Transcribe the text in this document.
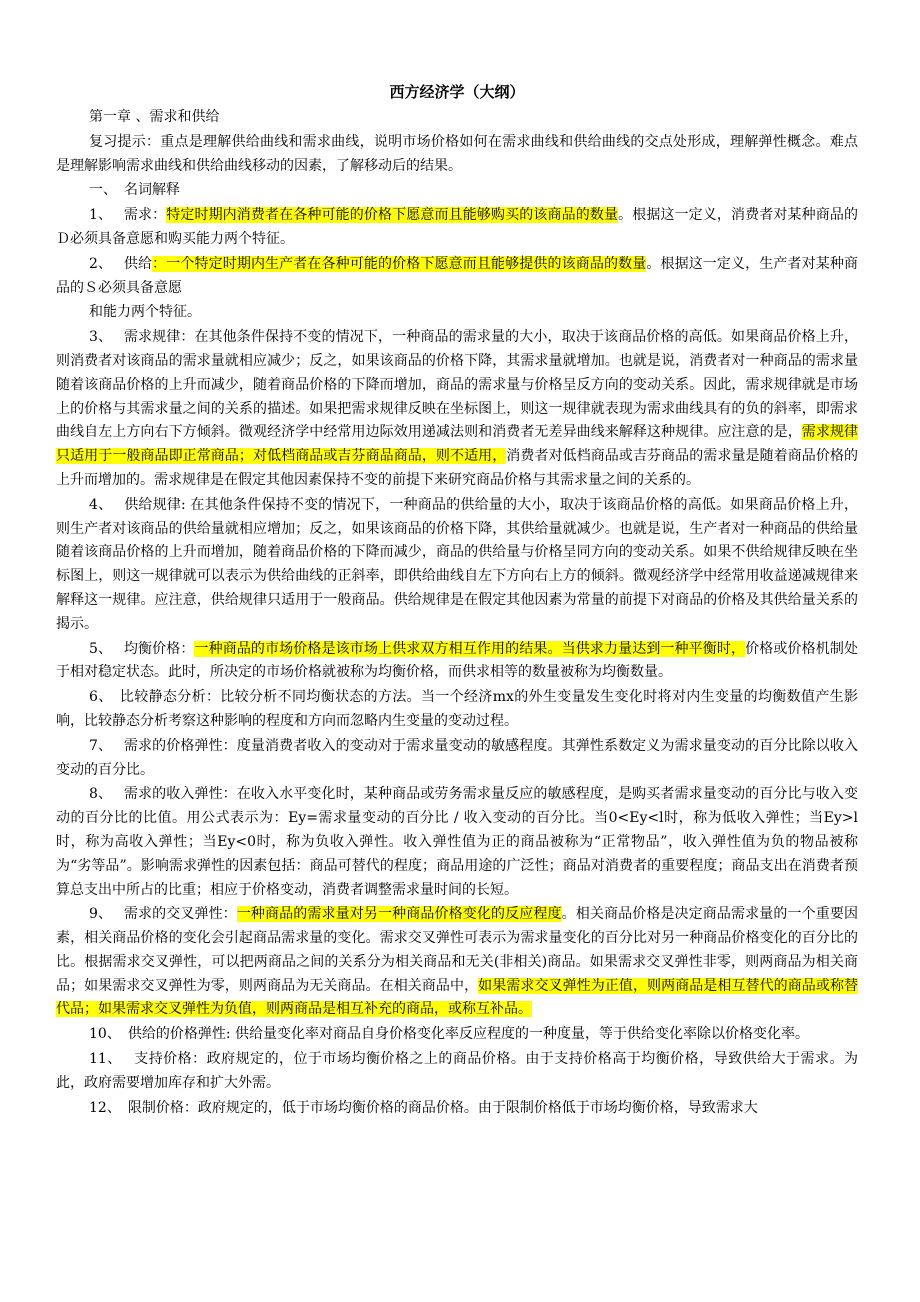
西方经济学（大纲）

第一章 、需求和供给

复习提示：重点是理解供给曲线和需求曲线，说明市场价格如何在需求曲线和供给曲线的交点处形成，理解弹性概念。难点是理解影响需求曲线和供给曲线移动的因素，了解移动后的结果。

一、　名词解释

1、　 需求：特定时期内消费者在各种可能的价格下愿意而且能够购买的该商品的数量。根据这一定义，消费者对某种商品的Ｄ必须具备意愿和购买能力两个特征。

2、　 供给：一个特定时期内生产者在各种可能的价格下愿意而且能够提供的该商品的数量。根据这一定义，生产者对某种商品的Ｓ必须具备意愿

和能力两个特征。

3、　 需求规律：在其他条件保持不变的情况下，一种商品的需求量的大小，取决于该商品价格的高低。如果商品价格上升，则消费者对该商品的需求量就相应减少；反之，如果该商品的价格下降，其需求量就增加。也就是说，消费者对一种商品的需求量随着该商品价格的上升而减少，随着商品价格的下降而增加，商品的需求量与价格呈反方向的变动关系。因此，需求规律就是市场上的价格与其需求量之间的关系的描述。如果把需求规律反映在坐标图上，则这一规律就表现为需求曲线具有的负的斜率，即需求曲线自左上方向右下方倾斜。微观经济学中经常用边际效用递减法则和消费者无差异曲线来解释这种规律。应注意的是，需求规律只适用于一般商品即正常商品；对低档商品或吉芬商品商品，则不适用，消费者对低档商品或吉芬商品的需求量是随着商品价格的上升而增加的。需求规律是在假定其他因素保持不变的前提下来研究商品价格与其需求量之间的关系的。

4、　 供给规律: 在其他条件保持不变的情况下，一种商品的供给量的大小，取决于该商品价格的高低。如果商品价格上升，则生产者对该商品的供给量就相应增加；反之，如果该商品的价格下降，其供给量就减少。也就是说，生产者对一种商品的供给量随着该商品价格的上升而增加，随着商品价格的下降而减少，商品的供给量与价格呈同方向的变动关系。如果不供给规律反映在坐标图上，则这一规律就可以表示为供给曲线的正斜率，即供给曲线自左下方向右上方的倾斜。微观经济学中经常用收益递减规律来解释这一规律。应注意，供给规律只适用于一般商品。供给规律是在假定其他因素为常量的前提下对商品的价格及其供给量关系的揭示。

5、　 均衡价格：一种商品的市场价格是该市场上供求双方相互作用的结果。当供求力量达到一种平衡时，价格或价格机制处于相对稳定状态。此时，所决定的市场价格就被称为均衡价格，而供求相等的数量被称为均衡数量。

6、　比较静态分析：比较分析不同均衡状态的方法。当一个经济mx的外生变量发生变化时将对内生变量的均衡数值产生影响，比较静态分析考察这种影响的程度和方向而忽略内生变量的变动过程。

7、　 需求的价格弹性：度量消费者收入的变动对于需求量变动的敏感程度。其弹性系数定义为需求量变动的百分比除以收入变动的百分比。

8、　 需求的收入弹性：在收入水平变化时，某种商品或劳务需求量反应的敏感程度，是购买者需求量变动的百分比与收入变动的百分比的比值。用公式表示为：Ey=需求量变动的百分比 / 收入变动的百分比。当0<Ey<l时，称为低收入弹性；当Ey>l时，称为高收入弹性；当Ey<0时，称为负收入弹性。收入弹性值为正的商品被称为“正常物品”，收入弹性值为负的物品被称为“劣等品”。影响需求弹性的因素包括：商品可替代的程度；商品用途的广泛性；商品对消费者的重要程度；商品支出在消费者预算总支出中所占的比重；相应于价格变动，消费者调整需求量时间的长短。

9、　 需求的交叉弹性：一种商品的需求量对另一种商品价格变化的反应程度。相关商品价格是决定商品需求量的一个重要因素，相关商品价格的变化会引起商品需求量的变化。需求交叉弹性可表示为需求量变化的百分比对另一种商品价格变化的百分比的比。根据需求交叉弹性，可以把两商品之间的关系分为相关商品和无关(非相关)商品。如果需求交叉弹性非零，则两商品为相关商品；如果需求交叉弹性为零，则两商品为无关商品。在相关商品中，如果需求交叉弹性为正值，则两商品是相互替代的商品或称替代品；如果需求交叉弹性为负值，则两商品是相互补充的商品，或称互补品。

10、　供给的价格弹性: 供给量变化率对商品自身价格变化率反应程度的一种度量，等于供给变化率除以价格变化率。

11、　 支持价格：政府规定的，位于市场均衡价格之上的商品价格。由于支持价格高于均衡价格，导致供给大于需求。为此，政府需要增加库存和扩大外需。

12、　限制价格：政府规定的，低于市场均衡价格的商品价格。由于限制价格低于市场均衡价格，导致需求大
